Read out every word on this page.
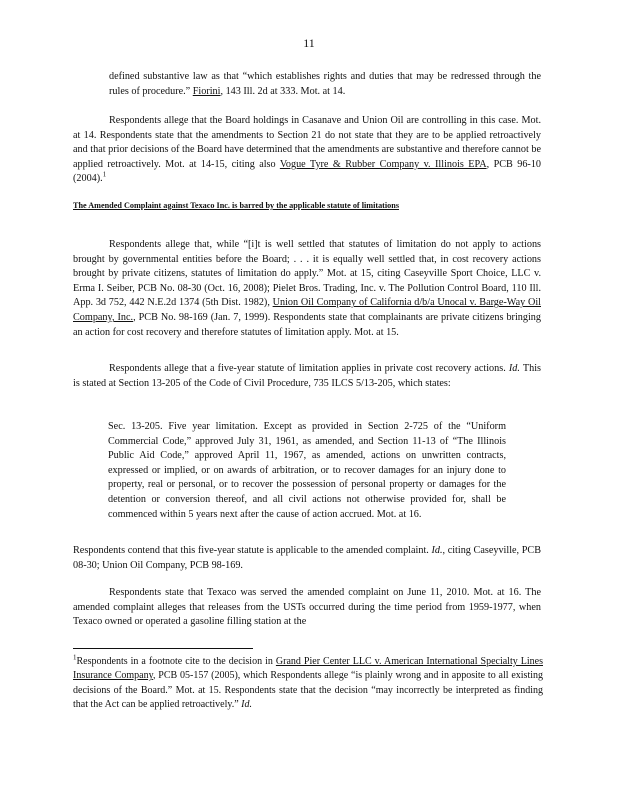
11

defined substantive law as that “which establishes rights and duties that may be redressed through the rules of procedure.” Fiorini, 143 Ill. 2d at 333. Mot. at 14.

Respondents allege that the Board holdings in Casanave and Union Oil are controlling in this case. Mot. at 14. Respondents state that the amendments to Section 21 do not state that they are to be applied retroactively and that prior decisions of the Board have determined that the amendments are substantive and therefore cannot be applied retroactively. Mot. at 14-15, citing also Vogue Tyre & Rubber Company v. Illinois EPA, PCB 96-10 (2004).$^1$

The Amended Complaint against Texaco Inc. is barred by the applicable statute of limitations

Respondents allege that, while “[i]t is well settled that statutes of limitation do not apply to actions brought by governmental entities before the Board; . . . it is equally well settled that, in cost recovery actions brought by private citizens, statutes of limitation do apply.” Mot. at 15, citing Caseyville Sport Choice, LLC v. Erma I. Seiber, PCB No. 08-30 (Oct. 16, 2008); Pielet Bros. Trading, Inc. v. The Pollution Control Board, 110 Ill. App. 3d 752, 442 N.E.2d 1374 (5th Dist. 1982), Union Oil Company of California d/b/a Unocal v. Barge-Way Oil Company, Inc., PCB No. 98-169 (Jan. 7, 1999). Respondents state that complainants are private citizens bringing an action for cost recovery and therefore statutes of limitation apply. Mot. at 15.

Respondents allege that a five-year statute of limitation applies in private cost recovery actions. Id. This is stated at Section 13-205 of the Code of Civil Procedure, 735 ILCS 5/13-205, which states:

Sec. 13-205. Five year limitation. Except as provided in Section 2-725 of the “Uniform Commercial Code,” approved July 31, 1961, as amended, and Section 11-13 of “The Illinois Public Aid Code,” approved April 11, 1967, as amended, actions on unwritten contracts, expressed or implied, or on awards of arbitration, or to recover damages for an injury done to property, real or personal, or to recover the possession of personal property or damages for the detention or conversion thereof, and all civil actions not otherwise provided for, shall be commenced within 5 years next after the cause of action accrued. Mot. at 16.

Respondents contend that this five-year statute is applicable to the amended complaint. Id., citing Caseyville, PCB 08-30; Union Oil Company, PCB 98-169.

Respondents state that Texaco was served the amended complaint on June 11, 2010. Mot. at 16. The amended complaint alleges that releases from the USTs occurred during the time period from 1959-1977, when Texaco owned or operated a gasoline filling station at the

$^1$Respondents in a footnote cite to the decision in Grand Pier Center LLC v. American International Specialty Lines Insurance Company, PCB 05-157 (2005), which Respondents allege “is plainly wrong and in apposite to all existing decisions of the Board.” Mot. at 15. Respondents state that the decision “may incorrectly be interpreted as finding that the Act can be applied retroactively.” Id.
